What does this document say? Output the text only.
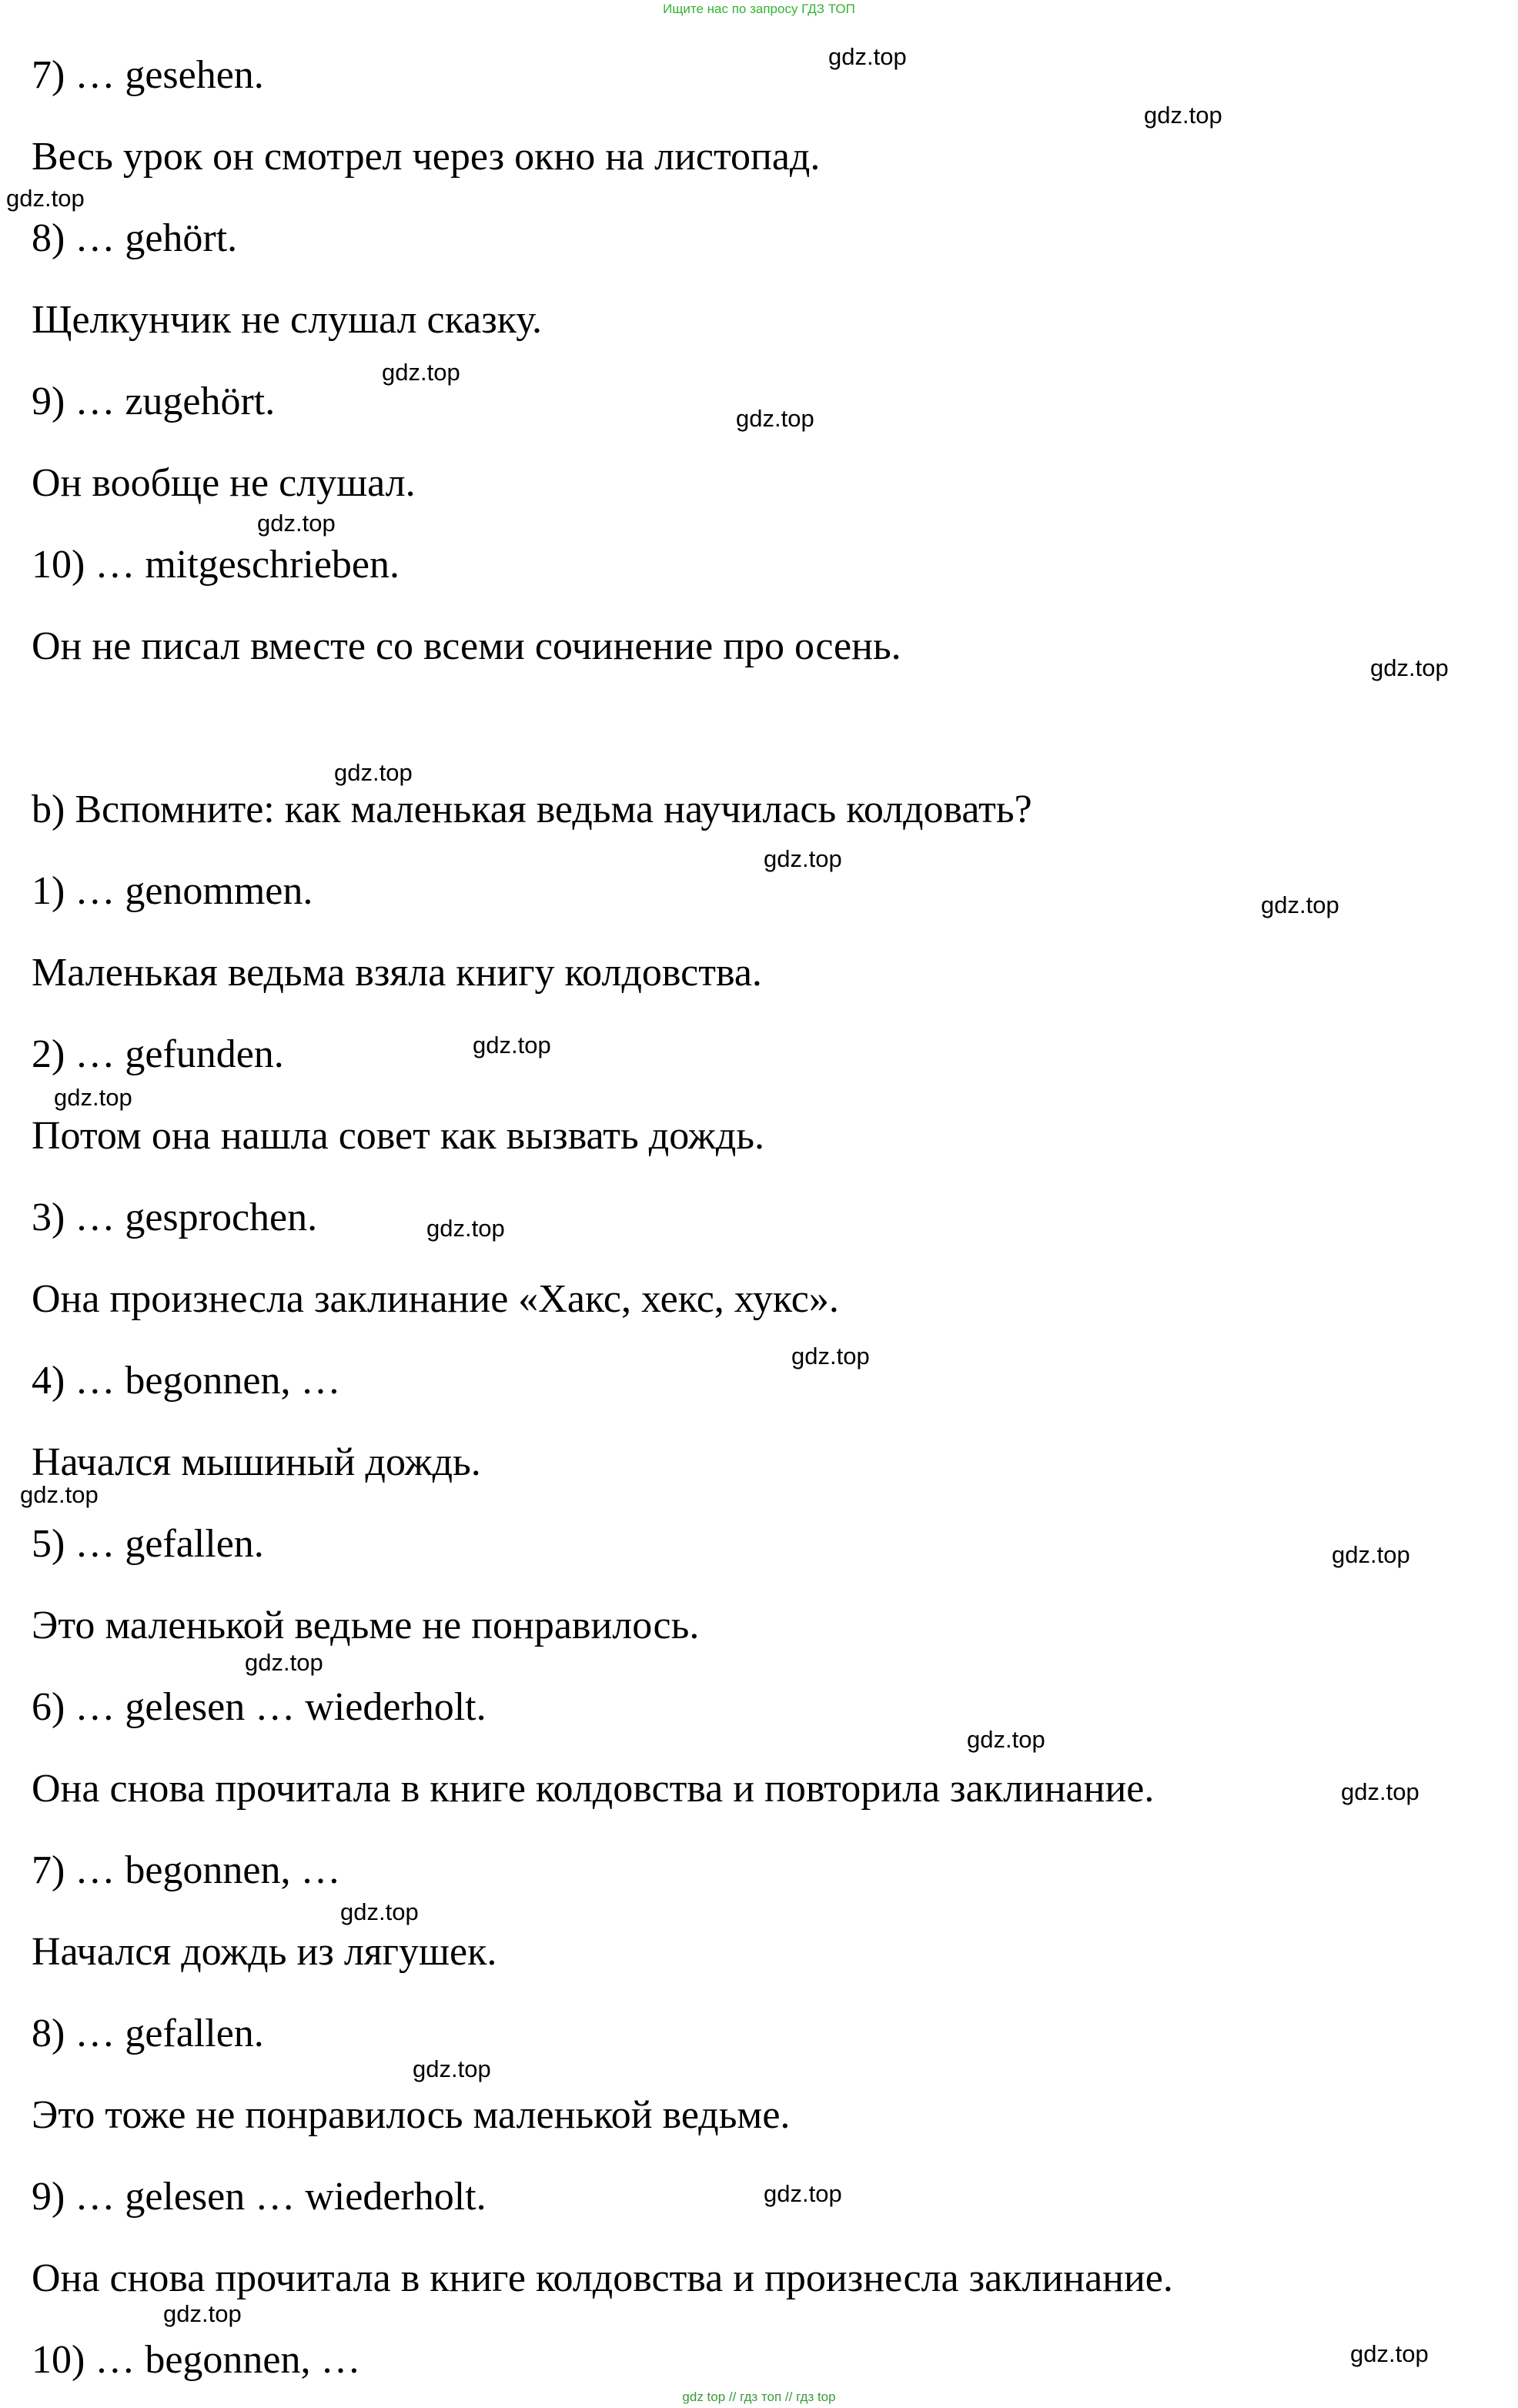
Ищите нас по запросу ГДЗ ТОП
7) … gesehen.
Весь урок он смотрел через окно на листопад.
8) … gehört.
Щелкунчик не слушал сказку.
9) … zugehört.
Он вообще не слушал.
10) … mitgeschrieben.
Он не писал вместе со всеми сочинение про осень.
b) Вспомните: как маленькая ведьма научилась колдовать?
1) … genommen.
Маленькая ведьма взяла книгу колдовства.
2) … gefunden.
Потом она нашла совет как вызвать дождь.
3) … gesprochen.
Она произнесла заклинание «Хакс, хекс, хукс».
4) … begonnen, …
Начался мышиный дождь.
5) … gefallen.
Это маленькой ведьме не понравилось.
6) … gelesen … wiederholt.
Она снова прочитала в книге колдовства и повторила заклинание.
7) … begonnen, …
Начался дождь из лягушек.
8) … gefallen.
Это тоже не понравилось маленькой ведьме.
9) … gelesen … wiederholt.
Она снова прочитала в книге колдовства и произнесла заклинание.
10) … begonnen, …
gdz.top
gdz.top
gdz.top
gdz.top
gdz.top
gdz.top
gdz.top
gdz.top
gdz.top
gdz.top
gdz.top
gdz.top
gdz.top
gdz.top
gdz.top
gdz.top
gdz.top
gdz.top
gdz.top
gdz.top
gdz.top
gdz.top
gdz.top
gdz.top
gdz top // гдз топ // гдз top
